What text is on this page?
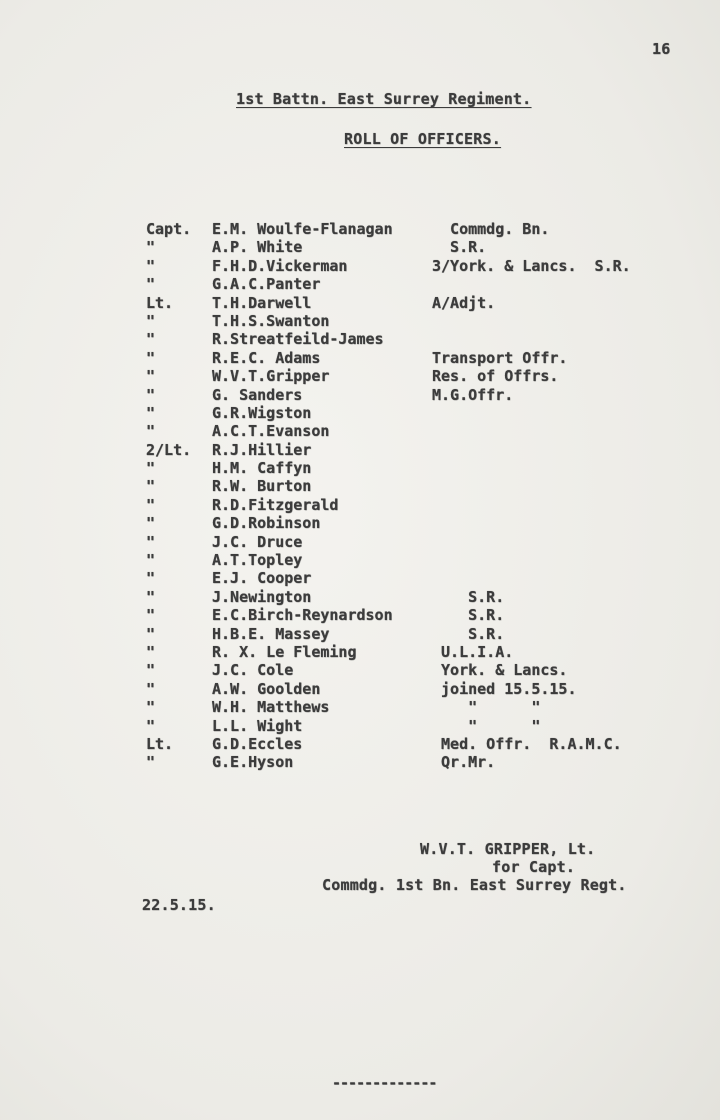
16
1st Battn. East Surrey Regiment.
ROLL OF OFFICERS.
Capt. E.M. Woulfe-Flanagan	Commdg. Bn.
"	A.P. White	S.R.
"	F.H.D.Vickerman	3/York. & Lancs.  S.R.
"	G.A.C.Panter
Lt.	T.H.Darwell	A/Adjt.
"	T.H.S.Swanton
"	R.Streatfeild-James
"	R.E.C. Adams	Transport Offr.
"	W.V.T.Gripper	Res. of Offrs.
"	G. Sanders	M.G.Offr.
"	G.R.Wigston
"	A.C.T.Evanson
2/Lt. R.J.Hillier
"	H.M. Caffyn
"	R.W. Burton
"	R.D.Fitzgerald
"	G.D.Robinson
"	J.C. Druce
"	A.T.Topley
"	E.J. Cooper
"	J.Newington	S.R.
"	E.C.Birch-Reynardson	S.R.
"	H.B.E. Massey	S.R.
"	R. X. Le Fleming	U.L.I.A.
"	J.C. Cole	York. & Lancs.
"	A.W. Goolden	joined 15.5.15.
"	W.H. Matthews	"      "
"	L.L. Wight	"      "
Lt.	G.D.Eccles	Med. Offr.  R.A.M.C.
"	G.E.Hyson	Qr.Mr.
W.V.T. GRIPPER, Lt.
for Capt.
Commdg. 1st Bn. East Surrey Regt.
22.5.15.
-------------
